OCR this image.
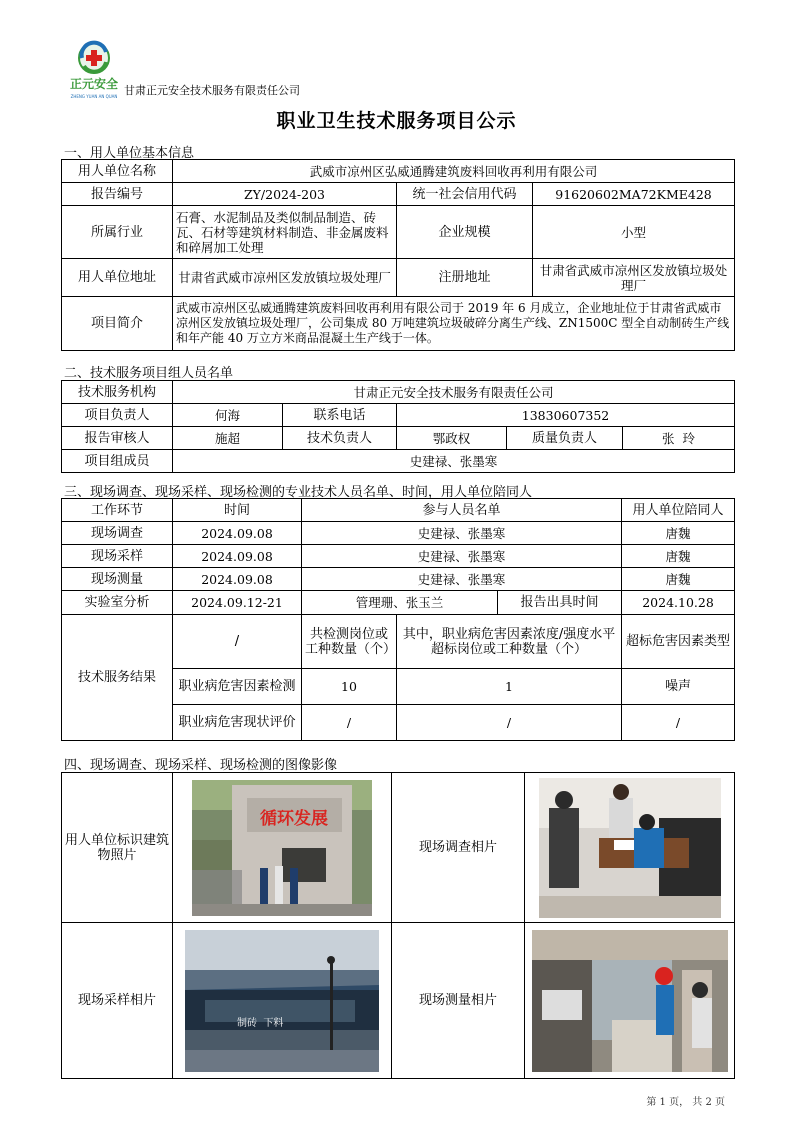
正元安全
ZHENG YUAN AN QUAN 甘肃正元安全技术服务有限责任公司
职业卫生技术服务项目公示
一、用人单位基本信息
用人单位名称	武威市凉州区弘威通腾建筑废料回收再利用有限公司		
报告编号	ZY/2024-203	统一社会信用代码	91620602MA72KME428
所属行业	石膏、水泥制品及类似制品制造、砖瓦、石材等建筑材料制造、非金属废料和碎屑加工处理	企业规模	小型
用人单位地址	甘肃省武威市凉州区发放镇垃圾处理厂	注册地址	甘肃省武威市凉州区发放镇垃圾处理厂
项目简介	武威市凉州区弘威通腾建筑废料回收再利用有限公司于 2019 年 6 月成立，企业地址位于甘肃省武威市凉州区发放镇垃圾处理厂，公司集成 80 万吨建筑垃圾破碎分离生产线、ZN1500C 型全自动制砖生产线和年产能 40 万立方米商品混凝土生产线于一体。		
二、技术服务项目组人员名单
技术服务机构	甘肃正元安全技术服务有限责任公司				
项目负责人	何海	联系电话	13830607352		
报告审核人	施超	技术负责人	鄂政权	质量负责人	张  玲
项目组成员	史建禄、张墨寒				
三、现场调查、现场采样、现场检测的专业技术人员名单、时间，用人单位陪同人
工作环节	时间	参与人员名单			用人单位陪同人
现场调查	2024.09.08	史建禄、张墨寒			唐魏
现场采样	2024.09.08	史建禄、张墨寒			唐魏
现场测量	2024.09.08	史建禄、张墨寒			唐魏
实验室分析	2024.09.12-21	管理珊、张玉兰		报告出具时间	2024.10.28
技术服务结果	/	共检测岗位或工种数量（个）	其中，职业病危害因素浓度/强度水平超标岗位或工种数量（个）		超标危害因素类型
	职业病危害因素检测	10	1		噪声
	职业病危害现状评价	/	/		/
四、现场调查、现场采样、现场检测的图像影像
用人单位标识建筑物照片	循环发展	现场调查相片	

现场采样相片	制砖  下料	现场测量相片	
第 1 页， 共 2 页
